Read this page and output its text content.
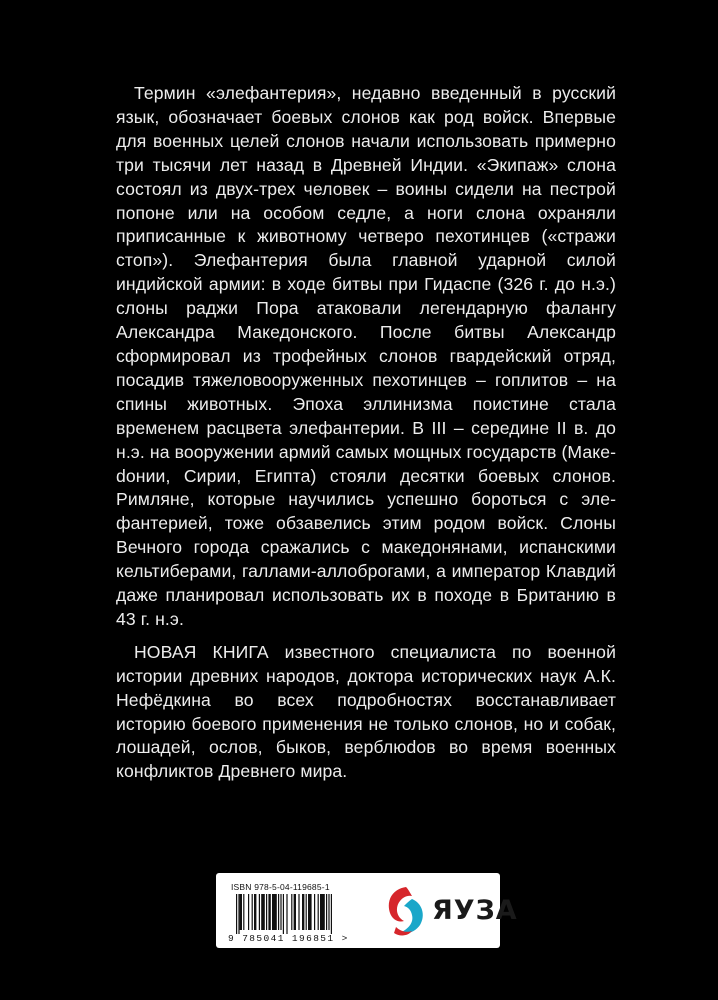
Термин «элефантерия», недавно введенный в русский язык, обозначает боевых слонов как род войск. Впервые для военных целей слонов начали использовать примерно три тысячи лет назад в Древней Индии. «Экипаж» слона состоял из двух-трех человек – воины сидели на пестрой попоне или на особом седле, а ноги слона охраняли приписанные к животному четверо пехотинцев («стражи стоп»). Элефантерия была главной ударной силой индийской армии: в ходе битвы при Гидаспе (326 г. до н.э.) слоны раджи Пора атаковали легендарную фалангу Александра Македонского. После битвы Александр сформировал из трофейных слонов гвардейский отряд, посадив тяжеловооруженных пехотинцев – гоплитов – на спины животных. Эпоха эллинизма поистине стала временем расцвета элефантерии. В III – середине II в. до н.э. на вооружении армий самых мощных государств (Макеdонии, Сирии, Египта) стояли десятки боевых слонов. Римляне, которые научились успешно бороться с элефантерией, тоже обзавелись этим родом войск. Слоны Вечного города сражались с македонянами, испанскими кельтиберами, галлами-аллоброгами, а император Клавдий даже планировал использовать их в походе в Британию в 43 г. н.э.

НОВАЯ КНИГА известного специалиста по военной истории древних народов, доктора исторических наук А.К. Нефёдкина во всех подробностях восстанавливает историю боевого применения не только слонов, но и собак, лошадей, ослов, быков, верблюdов во время военных конфликтов Древнего мира.

ISBN 978-5-04-119685-1
9 785041 196851 >
ЯУЗА
